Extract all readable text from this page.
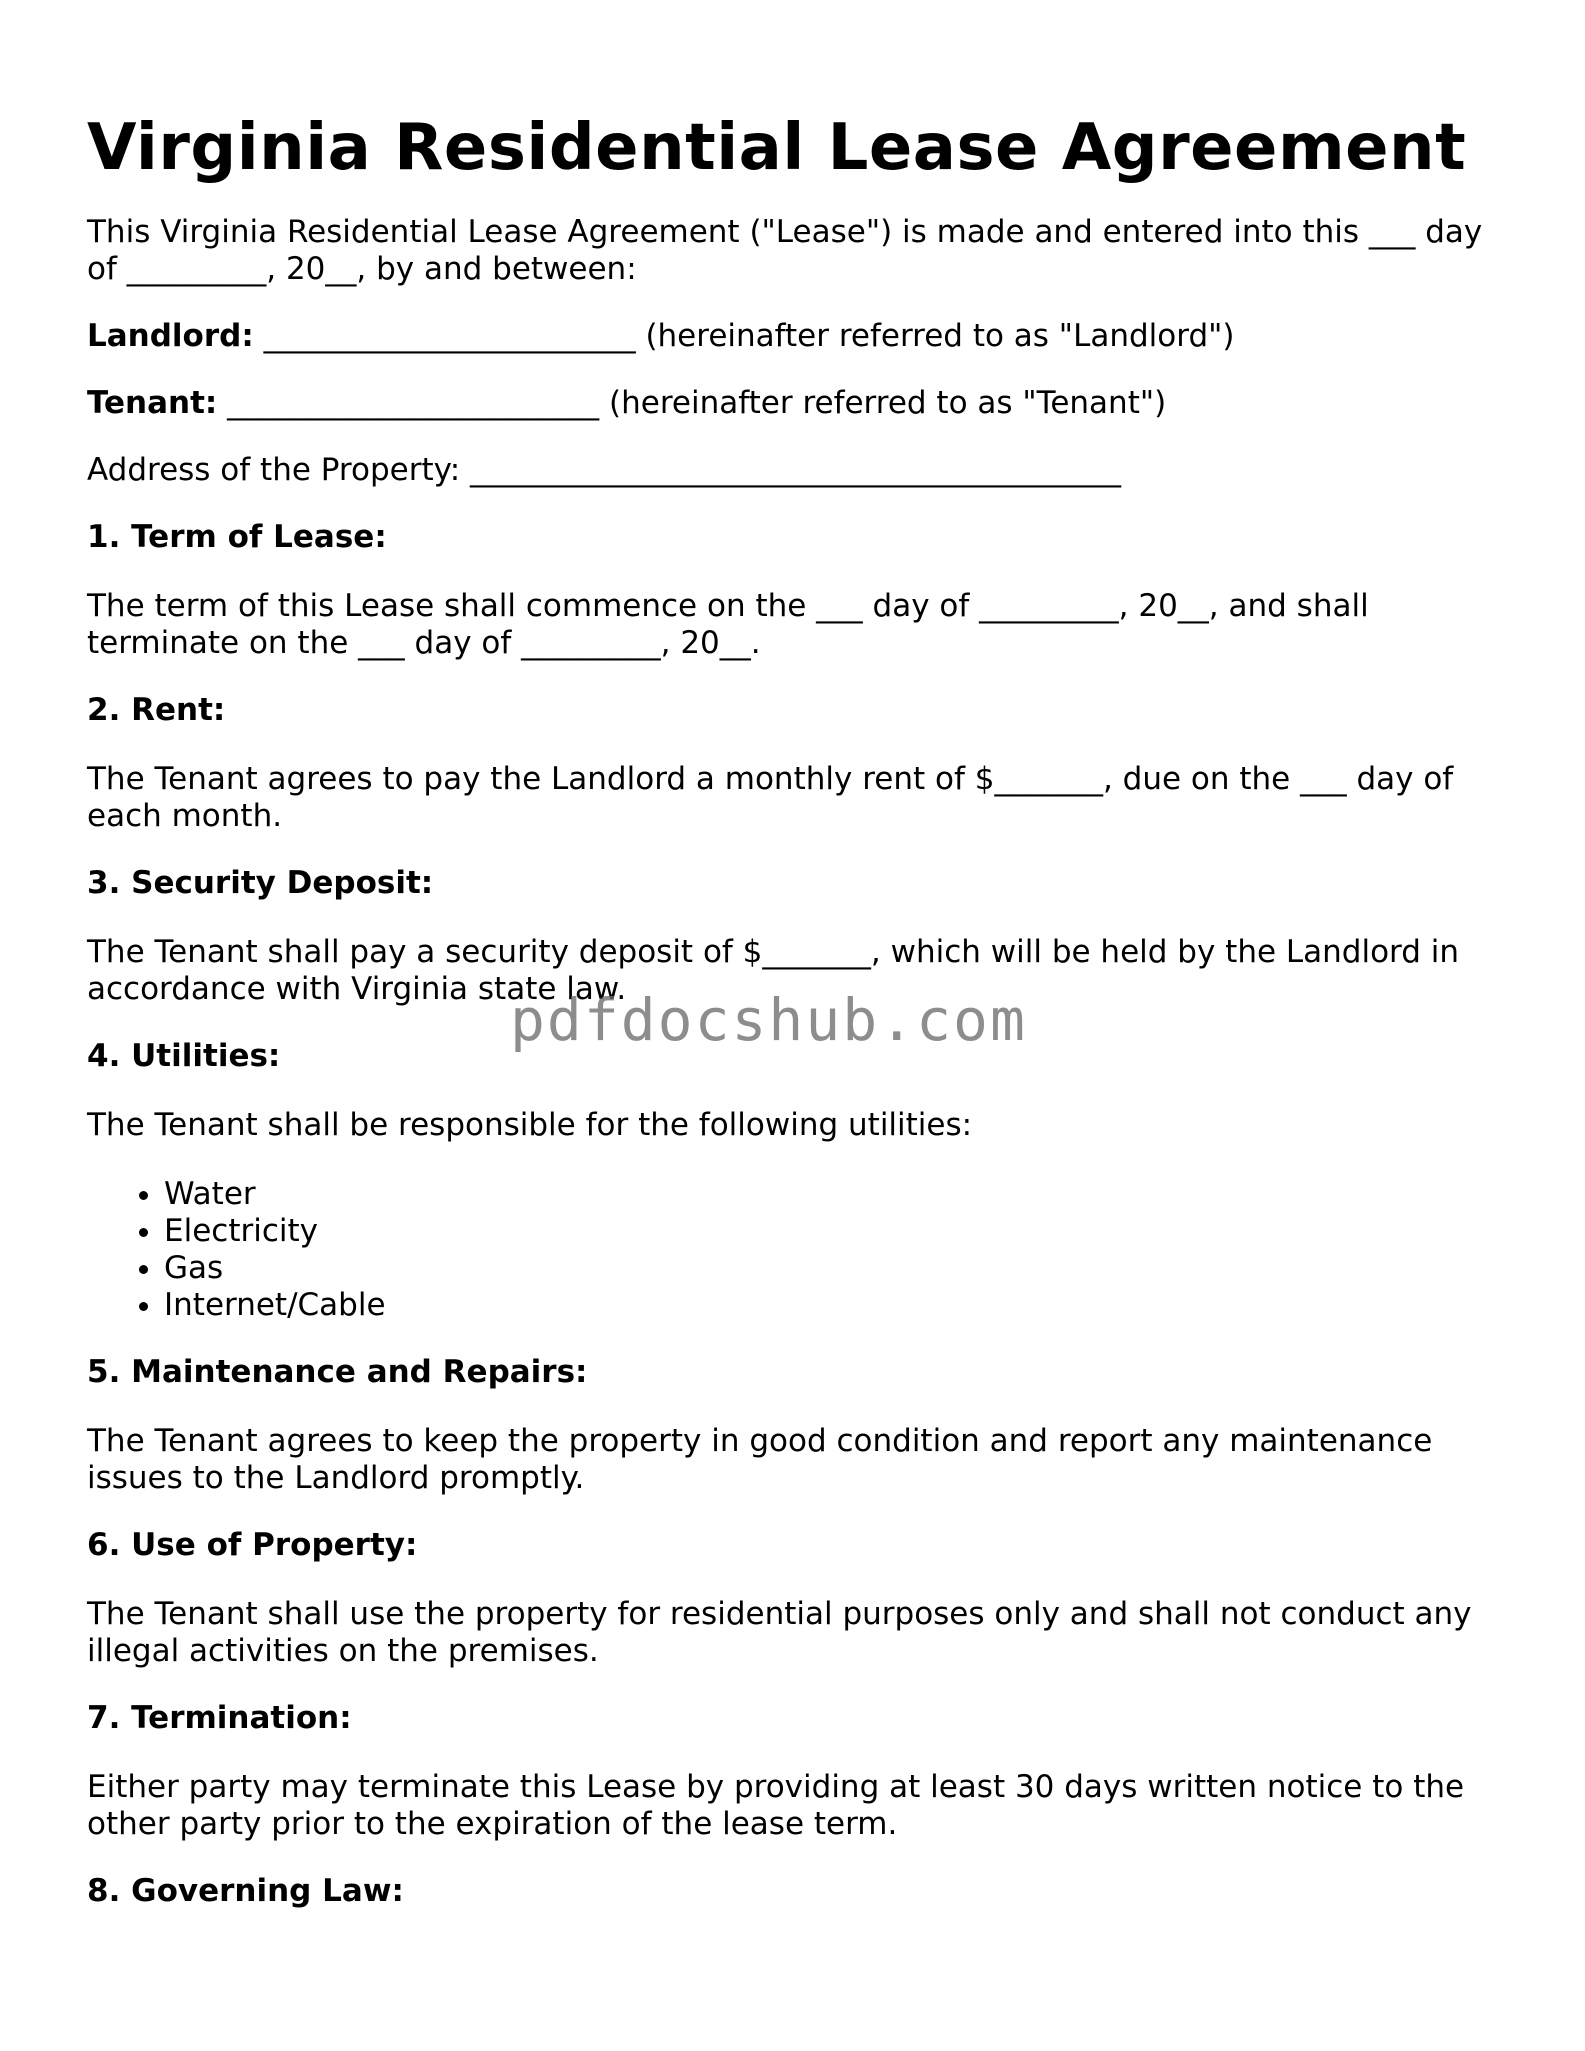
Virginia Residential Lease Agreement

This Virginia Residential Lease Agreement ("Lease") is made and entered into this ___ day of _________, 20__, by and between:

Landlord: ________________________ (hereinafter referred to as "Landlord")

Tenant: ________________________ (hereinafter referred to as "Tenant")

Address of the Property: __________________________________________

1. Term of Lease:

The term of this Lease shall commence on the ___ day of _________, 20__, and shall terminate on the ___ day of _________, 20__.

2. Rent:

The Tenant agrees to pay the Landlord a monthly rent of $_______, due on the ___ day of each month.

3. Security Deposit:

The Tenant shall pay a security deposit of $_______, which will be held by the Landlord in accordance with Virginia state law.

4. Utilities:

The Tenant shall be responsible for the following utilities:

• Water
• Electricity
• Gas
• Internet/Cable
5. Maintenance and Repairs:

The Tenant agrees to keep the property in good condition and report any maintenance issues to the Landlord promptly.

6. Use of Property:

The Tenant shall use the property for residential purposes only and shall not conduct any illegal activities on the premises.

7. Termination:

Either party may terminate this Lease by providing at least 30 days written notice to the other party prior to the expiration of the lease term.

8. Governing Law:
pdfdocshub.com
